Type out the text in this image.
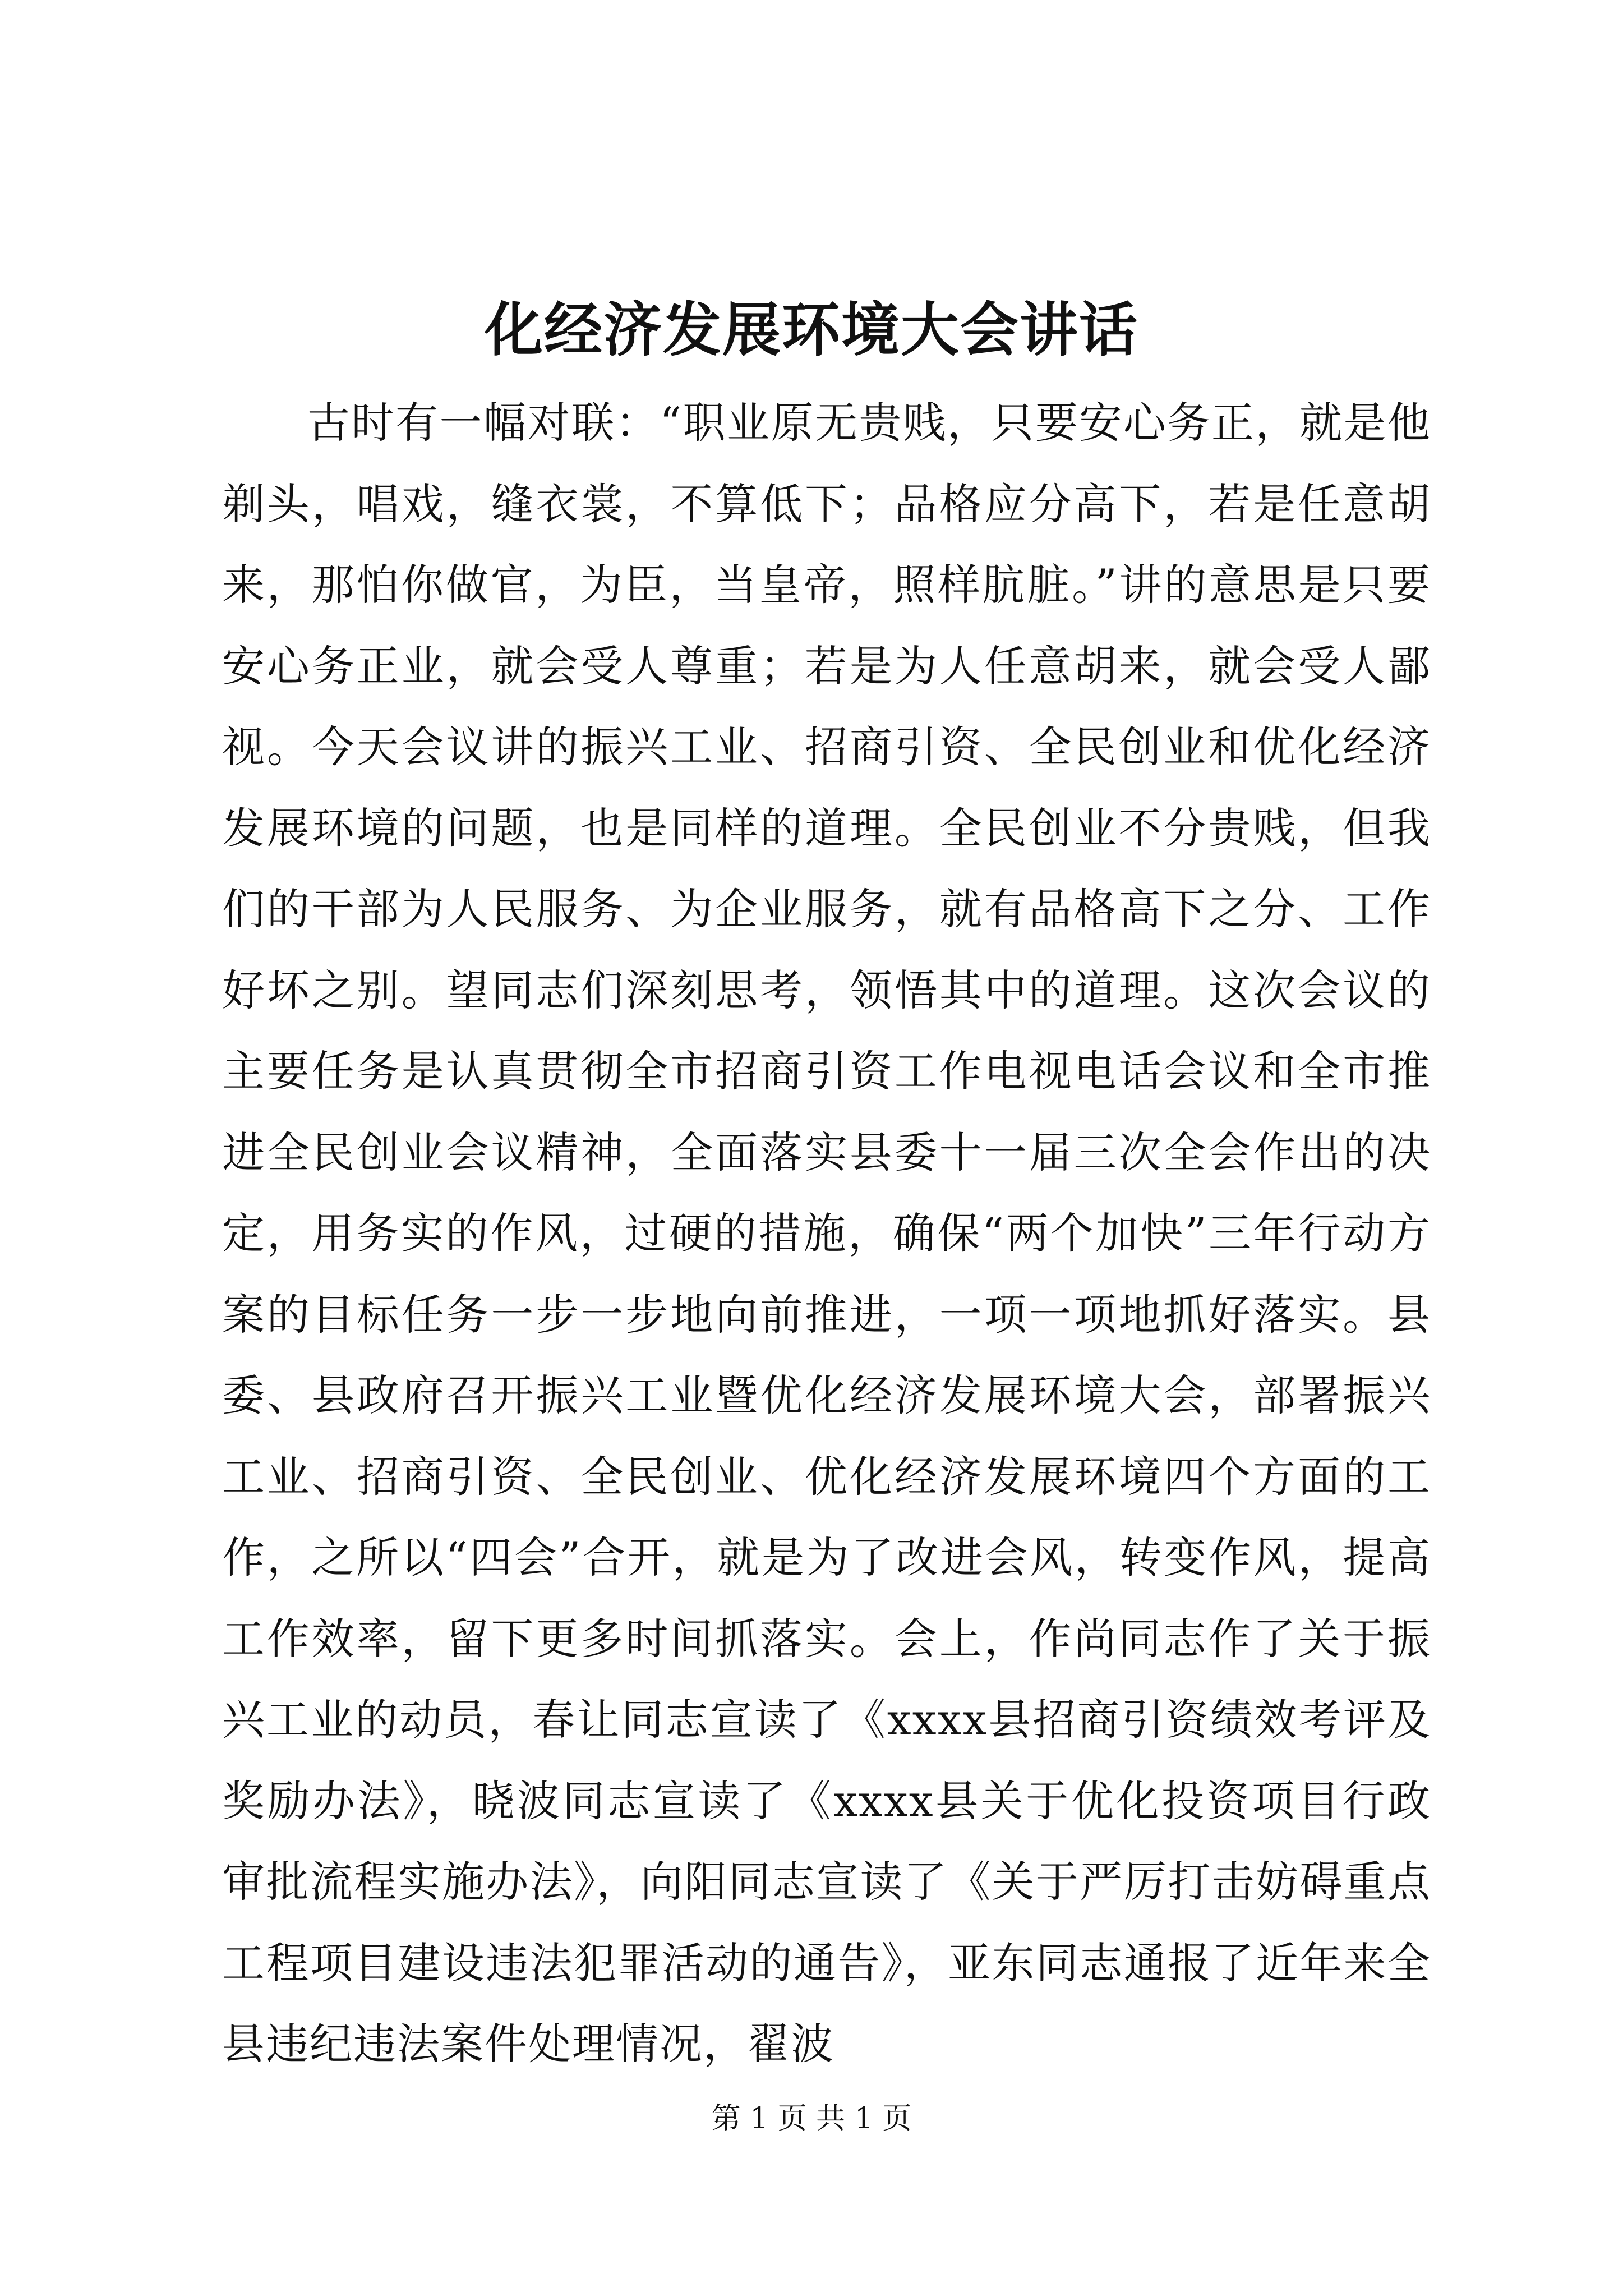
化经济发展环境大会讲话

古时有一幅对联：“职业原无贵贱，只要安心务正，就是他剃头，唱戏，缝衣裳，不算低下；品格应分高下，若是任意胡来，那怕你做官，为臣，当皇帝，照样肮脏。”讲的意思是只要安心务正业，就会受人尊重；若是为人任意胡来，就会受人鄙视。今天会议讲的振兴工业、招商引资、全民创业和优化经济发展环境的问题，也是同样的道理。全民创业不分贵贱，但我们的干部为人民服务、为企业服务，就有品格高下之分、工作好坏之别。望同志们深刻思考，领悟其中的道理。这次会议的主要任务是认真贯彻全市招商引资工作电视电话会议和全市推进全民创业会议精神，全面落实县委十一届三次全会作出的决定，用务实的作风，过硬的措施，确保“两个加快”三年行动方案的目标任务一步一步地向前推进，一项一项地抓好落实。县委、县政府召开振兴工业暨优化经济发展环境大会，部署振兴工业、招商引资、全民创业、优化经济发展环境四个方面的工作，之所以“四会”合开，就是为了改进会风，转变作风，提高工作效率，留下更多时间抓落实。会上，作尚同志作了关于振兴工业的动员，春让同志宣读了《xxxx县招商引资绩效考评及奖励办法》，晓波同志宣读了《xxxx县关于优化投资项目行政审批流程实施办法》，向阳同志宣读了《关于严厉打击妨碍重点工程项目建设违法犯罪活动的通告》，亚东同志通报了近年来全县违纪违法案件处理情况，翟波

第 1 页 共 1 页
